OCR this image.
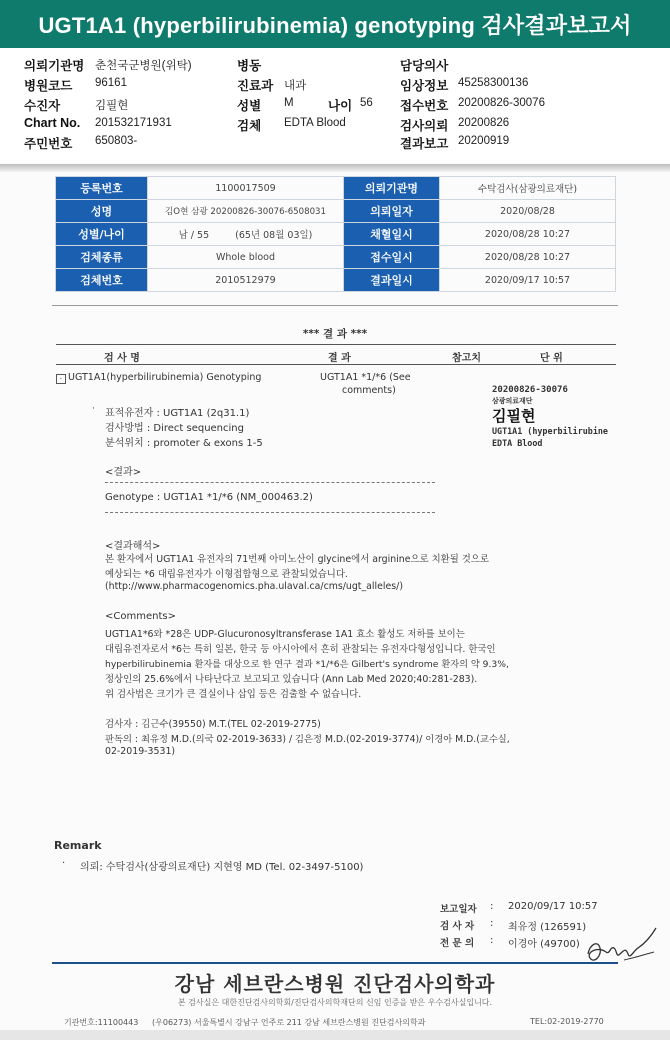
UGT1A1 (hyperbilirubinemia) genotyping 검사결과보고서
의뢰기관명 춘천국군병원(위탁)
병원코드 96161
수진자	김필현
Chart No. 201532171931
주민번호 650803-
병동
진료과 내과
성별 M	나이 56
검체 EDTA Blood
담당의사
임상정보 45258300136
접수번호 20200826-30076
검사의뢰 20200826
결과보고 20200919
등록번호	1100017509	의뢰기관명	수탁검사(삼광의료재단)
성명	김O현 삼광 20200826-30076-6508031	의뢰일자	2020/08/28
성별/나이	남 / 55 (65년 08월 03일)	채혈일시	2020/08/28 10:27
검체종류	Whole blood	접수일시	2020/08/28 10:27
검체번호	2010512979	결과일시	2020/09/17 10:57
*** 결 과 ***
검 사 명	결 과	참고치	단 위
- UGT1A1(hyperbilirubinemia) Genotyping	UGT1A1 *1/*6 (See
comments)	20200826-30076
삼광의료재단
김필현
UGT1A1 (hyperbilirubine
EDTA Blood
· 표적유전자 : UGT1A1 (2q31.1)
검사방법 : Direct sequencing
분석위치 : promoter & exons 1-5
<결과>
Genotype : UGT1A1 *1/*6 (NM_000463.2)
<결과해석>
본 환자에서 UGT1A1 유전자의 71번째 아미노산이 glycine에서 arginine으로 치환될 것으로
예상되는 *6 대립유전자가 이형접합형으로 관찰되었습니다.
(http://www.pharmacogenomics.pha.ulaval.ca/cms/ugt_alleles/)
<Comments>
UGT1A1*6와 *28은 UDP-Glucuronosyltransferase 1A1 효소 활성도 저하를 보이는
대립유전자로서 *6는 특히 일본, 한국 등 아시아에서 흔히 관찰되는 유전자다형성입니다. 한국인
hyperbilirubinemia 환자를 대상으로 한 연구 결과 *1/*6은 Gilbert's syndrome 환자의 약 9.3%,
정상인의 25.6%에서 나타난다고 보고되고 있습니다 (Ann Lab Med 2020;40:281-283).
위 검사법은 크기가 큰 결실이나 삽입 등은 검출할 수 없습니다.
검사자 : 김근수(39550) M.T.(TEL 02-2019-2775)
판독의 : 최유정 M.D.(의국 02-2019-3633) / 김은정 M.D.(02-2019-3774)/ 이경아 M.D.(교수실,
02-2019-3531)
Remark
· 의뢰: 수탁검사(삼광의료재단) 지현영 MD (Tel. 02-3497-5100)
보고일자 : 2020/09/17 10:57
검 사 자 : 최유정 (126591)
전 문 의 : 이경아 (49700)
강남 세브란스병원 진단검사의학과
본 검사실은 대한진단검사의학회/진단검사의학재단의 신임 인증을 받은 우수검사실입니다.
기관번호:11100443 (우06273) 서울특별시 강남구 언주로 211 강남 세브란스병원 진단검사의학과	TEL:02-2019-2770
